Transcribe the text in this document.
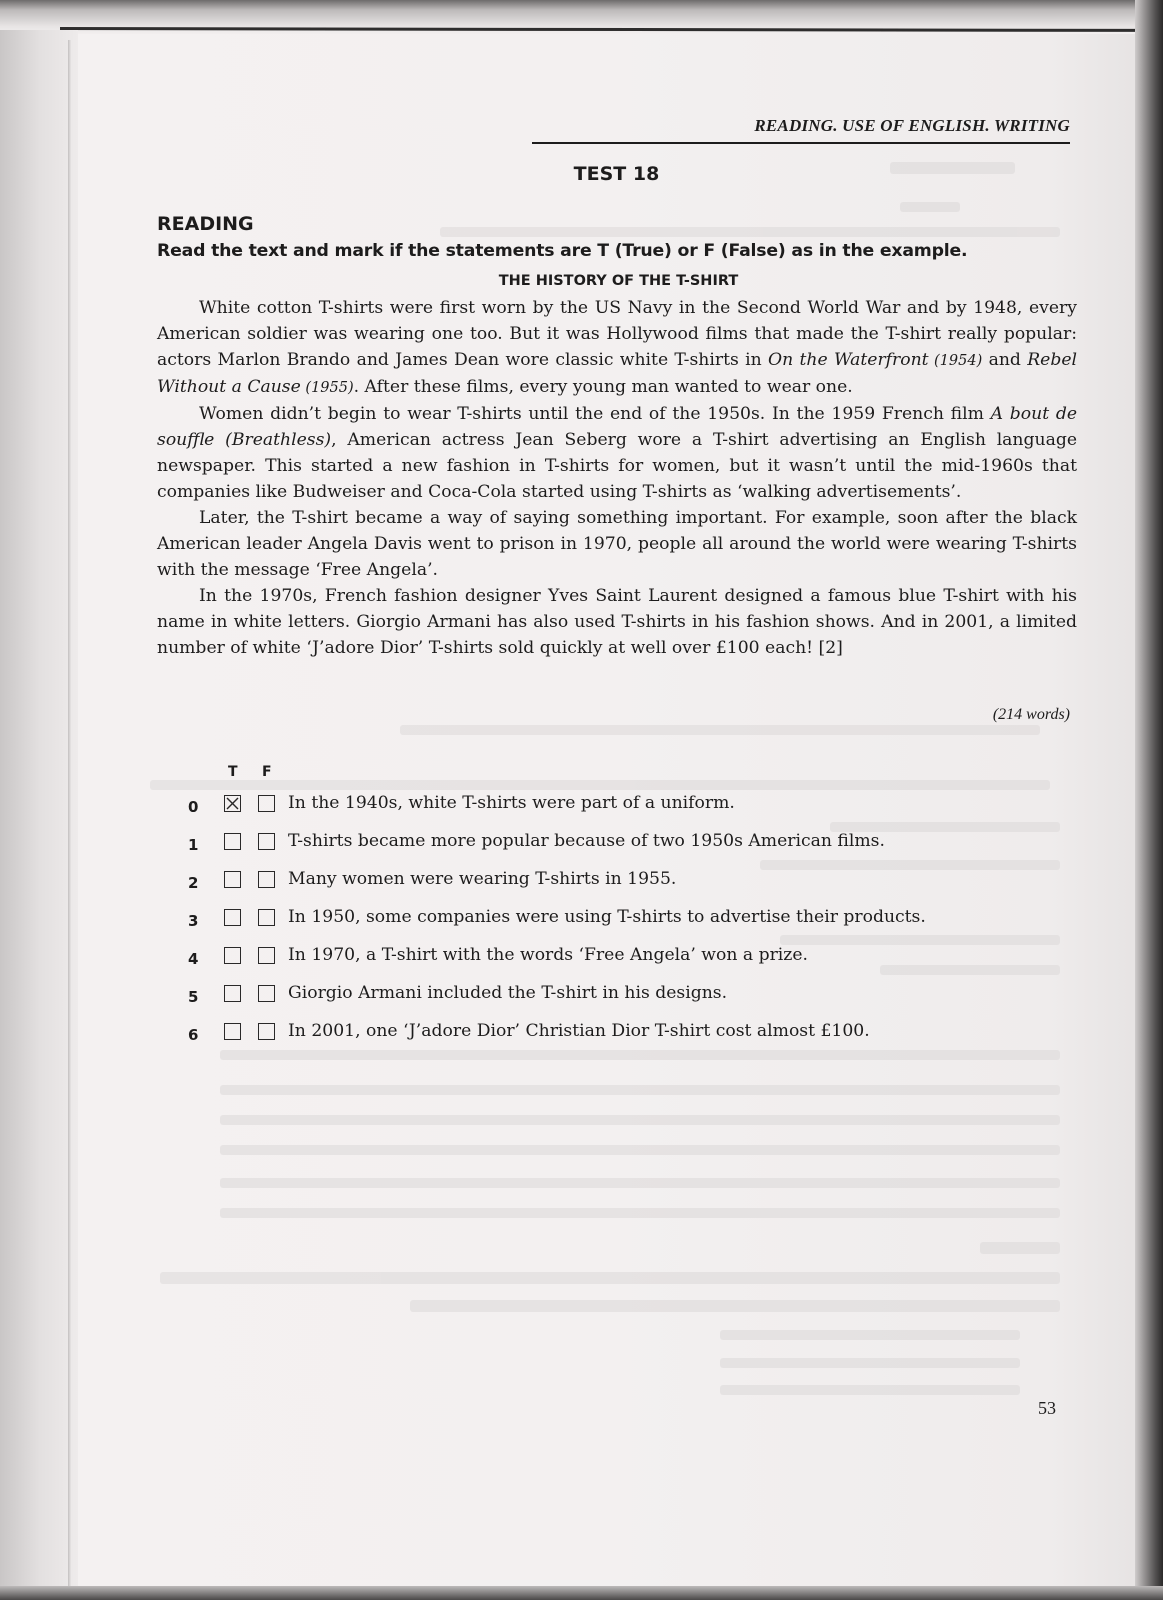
READING. USE OF ENGLISH. WRITING
TEST 18
READING
Read the text and mark if the statements are T (True) or F (False) as in the example.
THE HISTORY OF THE T-SHIRT

White cotton T-shirts were first worn by the US Navy in the Second World War and by 1948, every American soldier was wearing one too. But it was Hollywood films that made the T-shirt really popular: actors Marlon Brando and James Dean wore classic white T-shirts in On the Waterfront (1954) and Rebel Without a Cause (1955). After these films, every young man wanted to wear one.

Women didn’t begin to wear T-shirts until the end of the 1950s. In the 1959 French film A bout de souffle (Breathless), American actress Jean Seberg wore a T-shirt advertising an English language newspaper. This started a new fashion in T-shirts for women, but it wasn’t until the mid-1960s that companies like Budweiser and Coca-Cola started using T-shirts as ‘walking advertisements’.

Later, the T-shirt became a way of saying something important. For example, soon after the black American leader Angela Davis went to prison in 1970, people all around the world were wearing T-shirts with the message ‘Free Angela’.

In the 1970s, French fashion designer Yves Saint Laurent designed a famous blue T-shirt with his name in white letters. Giorgio Armani has also used T-shirts in his fashion shows. And in 2001, a limited number of white ‘J’adore Dior’ T-shirts sold quickly at well over £100 each! [2]

(214 words)
T F
0	In the 1940s, white T-shirts were part of a uniform.
1	T-shirts became more popular because of two 1950s American films.
2	Many women were wearing T-shirts in 1955.
3	In 1950, some companies were using T-shirts to advertise their products.
4	In 1970, a T-shirt with the words ‘Free Angela’ won a prize.
5	Giorgio Armani included the T-shirt in his designs.
6	In 2001, one ‘J’adore Dior’ Christian Dior T-shirt cost almost £100.
53
